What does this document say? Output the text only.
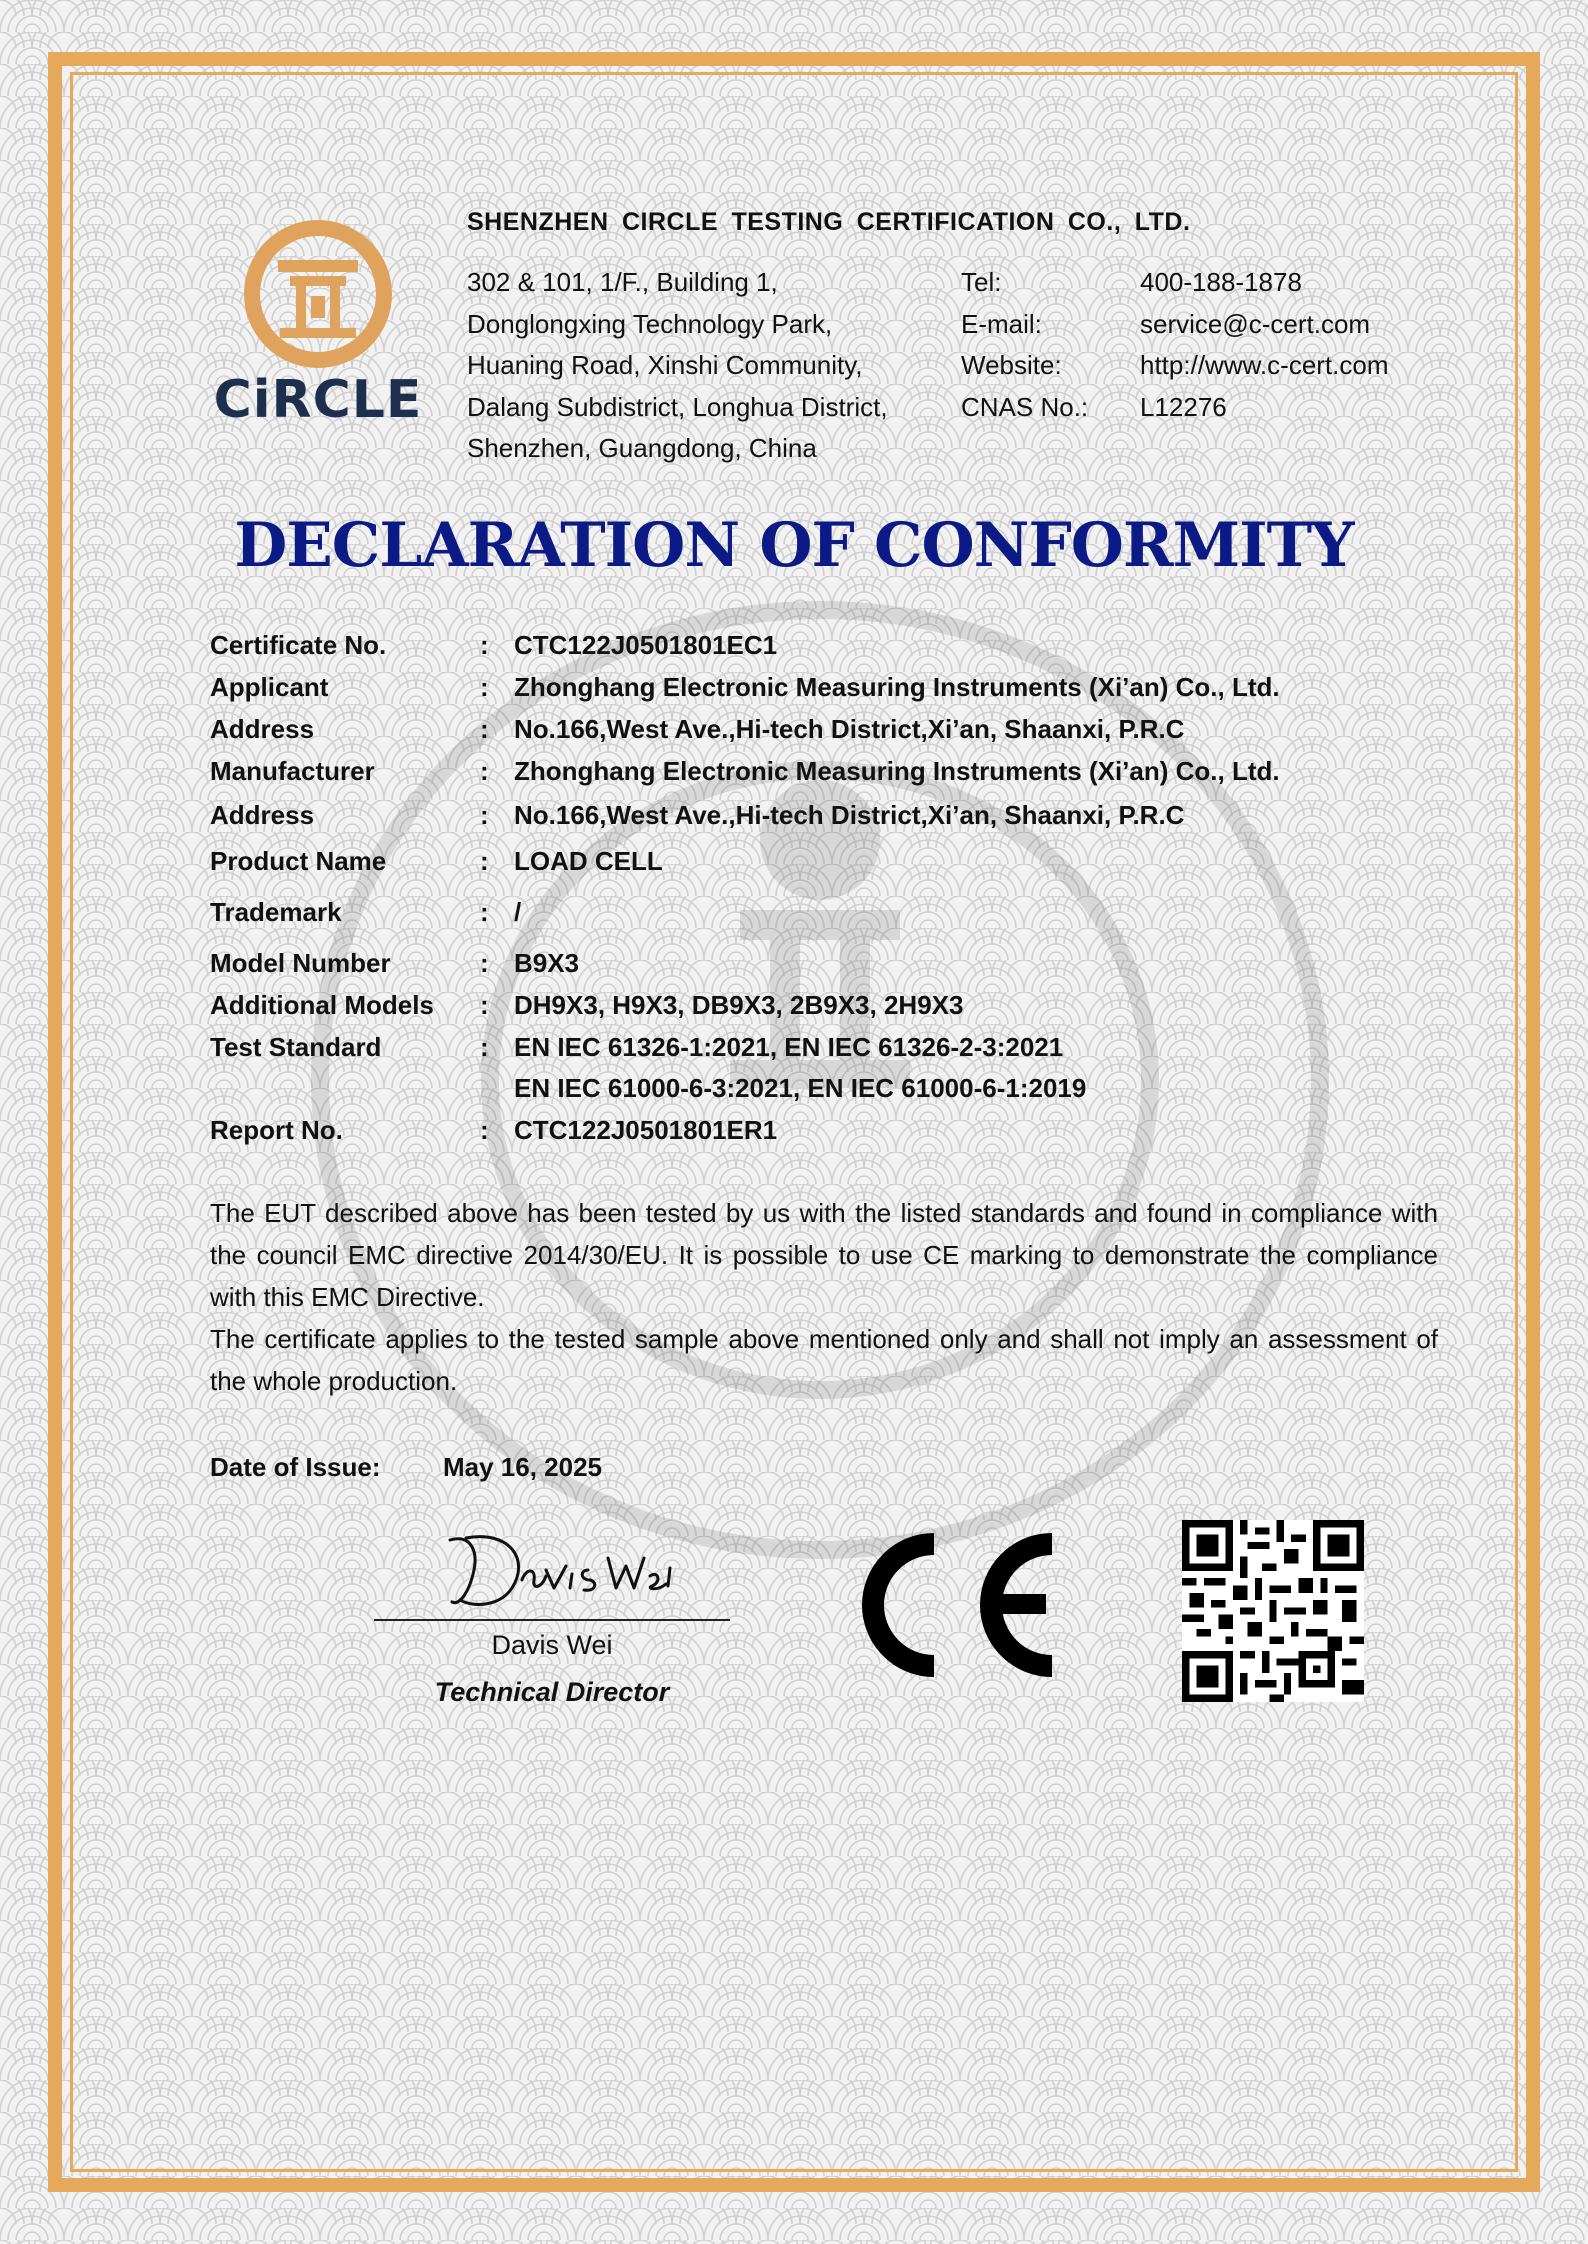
CiRCLE
SHENZHEN CIRCLE TESTING CERTIFICATION CO., LTD.
302 & 101, 1/F., Building 1,
Donglongxing Technology Park,
Huaning Road, Xinshi Community,
Dalang Subdistrict, Longhua District,
Shenzhen, Guangdong, China
Tel:	400-188-1878
E-mail:	service@c-cert.com
Website:	http://www.c-cert.com
CNAS No.:	L12276
DECLARATION OF CONFORMITY
Certificate No.	: CTC122J0501801EC1
Applicant	: Zhonghang Electronic Measuring Instruments (Xi’an) Co., Ltd.
Address	: No.166,West Ave.,Hi-tech District,Xi’an, Shaanxi, P.R.C
Manufacturer	: Zhonghang Electronic Measuring Instruments (Xi’an) Co., Ltd.
Address	: No.166,West Ave.,Hi-tech District,Xi’an, Shaanxi, P.R.C
Product Name	: LOAD CELL
Trademark	: /
Model Number	: B9X3
Additional Models : DH9X3, H9X3, DB9X3, 2B9X3, 2H9X3
Test Standard	: EN IEC 61326-1:2021, EN IEC 61326-2-3:2021
EN IEC 61000-6-3:2021, EN IEC 61000-6-1:2019
Report No.	: CTC122J0501801ER1
The EUT described above has been tested by us with the listed standards and found in compliance with the council EMC directive 2014/30/EU. It is possible to use CE marking to demonstrate the compliance with this EMC Directive.
The certificate applies to the tested sample above mentioned only and shall not imply an assessment of the whole production.
Date of Issue: May 16, 2025
Davis Wei
Technical Director
